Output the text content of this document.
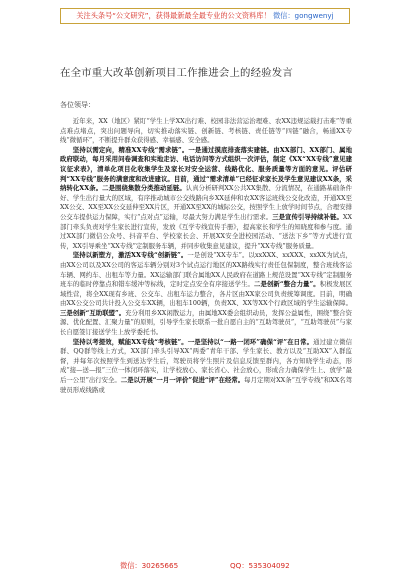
关注头条号“公文研究”，获得最新最全最专业的公文资料库！ 微信：gongwenyj
在全市重大改革创新项目工作推进会上的经验发言
各位领导：

近年来，XX（地区）紧盯“学生上学XX出行难、校园非法营运治理难、农XX违规运载打击难”等重点难点堵点，突出问题导向，切实推动落实链、创新链、考核链、责任链等“四链”融合，畅通XX专线“微循环”，不断提升群众获得感、幸福感、安全感。

坚持以需定向，精准XX专线“需求链”。一是通过摸底排查落实建链。由XX部门、XX部门、属地政府联动，每月采用问卷调查和实地走访、电话访问等方式组织一次评估，制定《XX“XX专线”意见建议征求表》，清单化项目化收集学生及家长对安全运营、线路优化、服务质量等方面的意见。评估研判“XX专线”服务的满意度和改进建议。目前，通过“需求清单”已经征求家长及学生意见建议XX条，采纳转化XX条。二是围绕集散分类推动延链。认真分析研判XX公共XX集散、分流情况，在通路基础条件好、学生出行量大的区域，有序推动城市公交线路向乡XX延伸和农XX客运班线公交化改造，开通XX至XX公交、XX至XX公交延伸至XX片区，开通XX至XX的城际公交，按照学生上放学时间节点，合理安排公交车提供运力保障，实行“点对点”运输，尽最大努力满足学生出行需求。三是宣传引导持续补链。XX部门牵头负责对学生家长进行宣传，发放《互学专线宣传手册》，提高家长和学生的知晓度和参与度。通过XX部门微信公众号、抖音平台、学校家长会、开展XX安全进校园活动、“送法下乡”等方式进行宣传，XX引导乘坐“XX专线”定制服务车辆，并同步收集意见建议，提升“XX专线”服务质量。

坚持以新塑方，激活XX专线“创新链”。一是创设“XX专车”。以xxXXX、xxXXX、xxXX为试点，由XX公司以及XX公司的客运车辆分别对3个试点运行地区的XX路线实行责任包保制度，整合班线客运车辆、网约车、出租车等力量。XX运输部门联合属地XX人民政府在道路上规范设置“XX专线”定制服务班车的临时停靠点和错车缓冲等标线，定时定点安全有序接送学生。二是创新“整合力量”。积极发展区域性营，将全XX现有乡班、公交车、出租车运力整合，各片区由XX家公司负责统筹调度。目前，明确由XX公交公司共计投入公交车XX辆，出租车100辆，负责XX、XX等XX个行政区域的学生运输保障。三是创新“互助联盟”。充分利用乡XX闲散运力，由属地XX委会组织动员，发挥公益属性，围绕“整合资源、优化配置、汇聚力量”的原则，引导学生家长联系一批自愿自主的“互助驾驶员”，“互助驾驶员”与家长自愿签订接送学生上放学委托书。

坚持以考提效，赋能XX专线“考核链”。一是坚持以“一路一闭环”确保“评”在日常。通过建立微信群、QQ群等线上方式，XX部门牵头引导XX“两委”青年干部、学生家长、教方以及“互助XX”入群监督，并每年次按照学生到送达学生后，驾驶员将学生照片及信息反馈至群内，各方知晓学生动态，形成“接—送—报”三位一体闭环落实，让学校放心、家长省心、社会放心，形成合力确保学生上、放学“最后一公里”出行安全。二是以开展“一月一评价”促进“评”在经常。每月定期对XX条“互学专线”和XX名驾驶员形成线路或

微信：30265665	QQ：535304092
